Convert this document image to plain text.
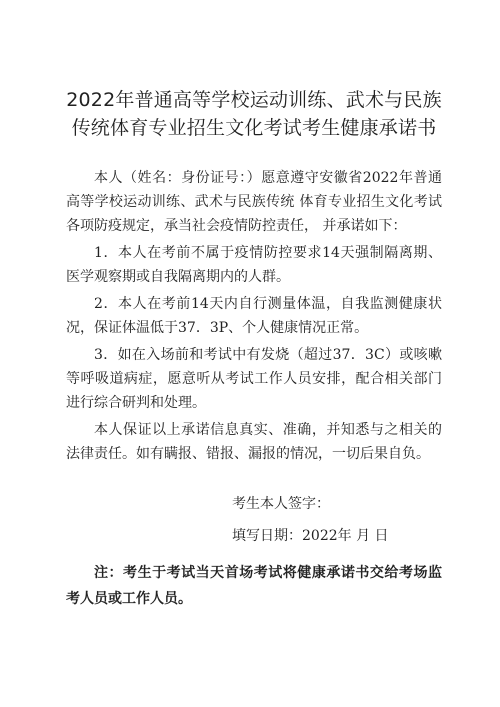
2022年普通高等学校运动训练、武术与民族
传统体育专业招生文化考试考生健康承诺书

本人（姓名：身份证号：）愿意遵守安徽省2022年普通高等学校运动训练、武术与民族传统 体育专业招生文化考试各项防疫规定，承当社会疫情防控责任， 并承诺如下：

1．本人在考前不属于疫情防控要求14天强制隔离期、医学观察期或自我隔离期内的人群。

2．本人在考前14天内自行测量体温，自我监测健康状况，保证体温低于37．3P、个人健康情况正常。

3．如在入场前和考试中有发烧（超过37．3C）或咳嗽等呼吸道病症，愿意听从考试工作人员安排，配合相关部门进行综合研判和处理。

本人保证以上承诺信息真实、准确，并知悉与之相关的法律责任。如有瞒报、错报、漏报的情况，一切后果自负。

考生本人签字：
填写日期：2022年 月 日

注：考生于考试当天首场考试将健康承诺书交给考场监考人员或工作人员。
